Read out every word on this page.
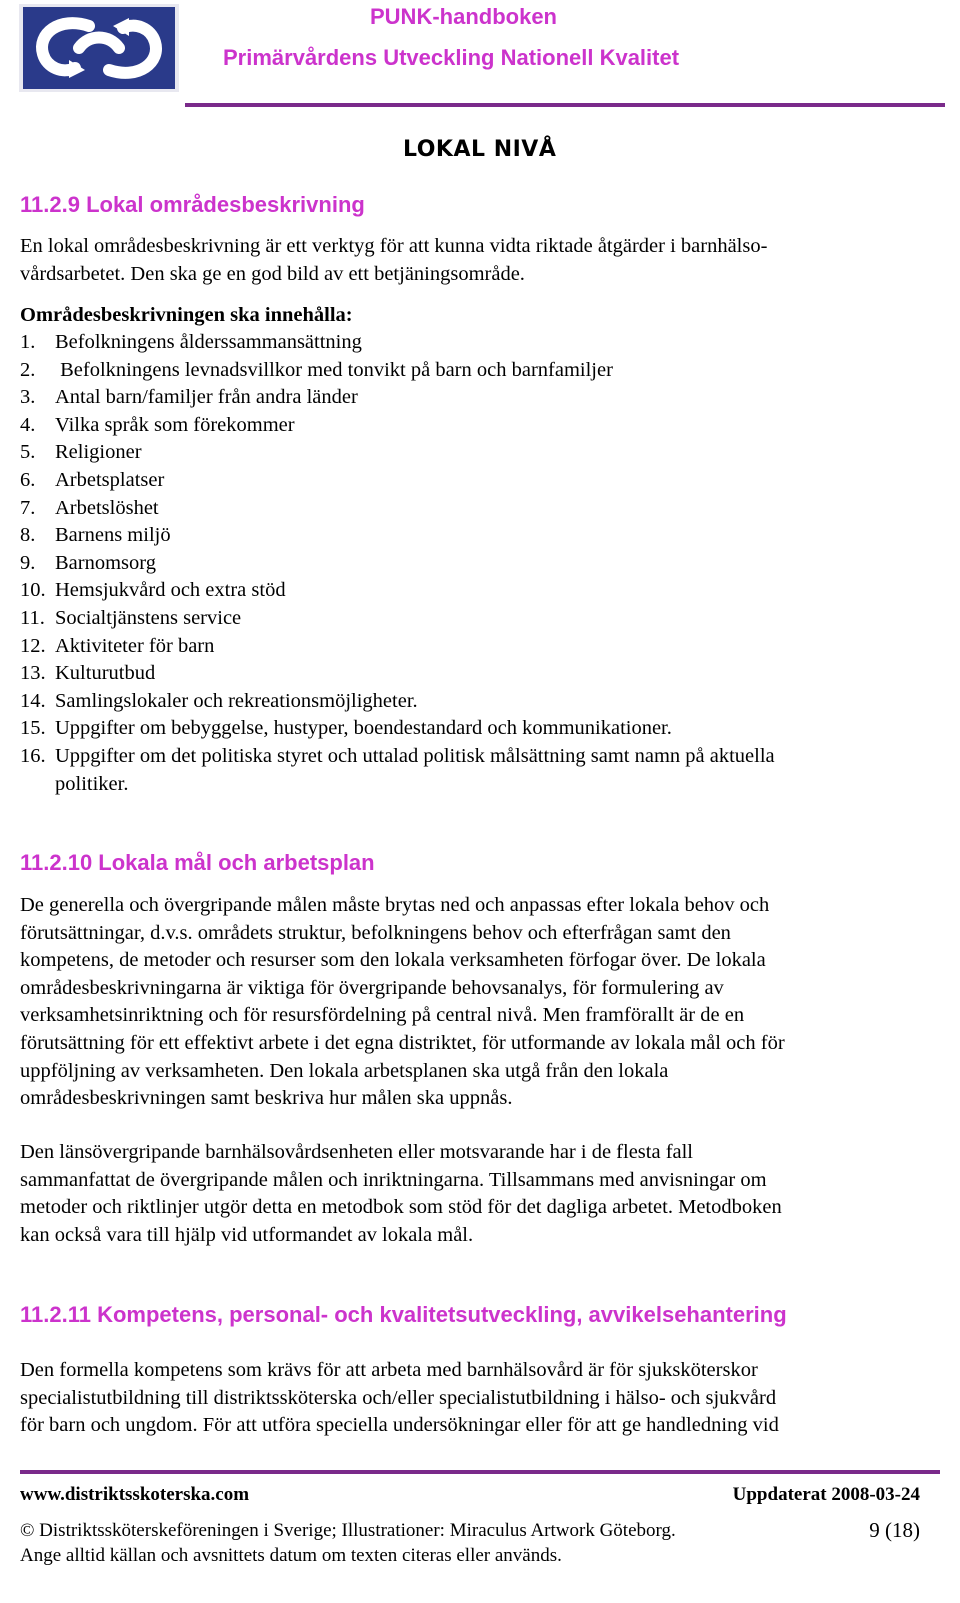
PUNK-handboken
Primärvårdens Utveckling Nationell Kvalitet
LOKAL NIVÅ
11.2.9 Lokal områdesbeskrivning
En lokal områdesbeskrivning är ett verktyg för att kunna vidta riktade åtgärder i barnhälso-
vårdsarbetet. Den ska ge en god bild av ett betjäningsområde.
Områdesbeskrivningen ska innehålla:
1. Befolkningens ålderssammansättning
2. Befolkningens levnadsvillkor med tonvikt på barn och barnfamiljer
3. Antal barn/familjer från andra länder
4. Vilka språk som förekommer
5. Religioner
6. Arbetsplatser
7. Arbetslöshet
8. Barnens miljö
9. Barnomsorg
10. Hemsjukvård och extra stöd
11. Socialtjänstens service
12. Aktiviteter för barn
13. Kulturutbud
14. Samlingslokaler och rekreationsmöjligheter.
15. Uppgifter om bebyggelse, hustyper, boendestandard och kommunikationer.
16. Uppgifter om det politiska styret och uttalad politisk målsättning samt namn på aktuella
politiker.
11.2.10 Lokala mål och arbetsplan
De generella och övergripande målen måste brytas ned och anpassas efter lokala behov och
förutsättningar, d.v.s. områdets struktur, befolkningens behov och efterfrågan samt den
kompetens, de metoder och resurser som den lokala verksamheten förfogar över. De lokala
områdesbeskrivningarna är viktiga för övergripande behovsanalys, för formulering av
verksamhetsinriktning och för resursfördelning på central nivå. Men framförallt är de en
förutsättning för ett effektivt arbete i det egna distriktet, för utformande av lokala mål och för
uppföljning av verksamheten. Den lokala arbetsplanen ska utgå från den lokala
områdesbeskrivningen samt beskriva hur målen ska uppnås.
Den länsövergripande barnhälsovårdsenheten eller motsvarande har i de flesta fall
sammanfattat de övergripande målen och inriktningarna. Tillsammans med anvisningar om
metoder och riktlinjer utgör detta en metodbok som stöd för det dagliga arbetet. Metodboken
kan också vara till hjälp vid utformandet av lokala mål.
11.2.11 Kompetens, personal- och kvalitetsutveckling, avvikelsehantering
Den formella kompetens som krävs för att arbeta med barnhälsovård är för sjuksköterskor
specialistutbildning till distriktssköterska och/eller specialistutbildning i hälso- och sjukvård
för barn och ungdom. För att utföra speciella undersökningar eller för att ge handledning vid
www.distriktsskoterska.com	Uppdaterat 2008-03-24
© Distriktssköterskeföreningen i Sverige; Illustrationer: Miraculus Artwork Göteborg.	9 (18)
Ange alltid källan och avsnittets datum om texten citeras eller används.
